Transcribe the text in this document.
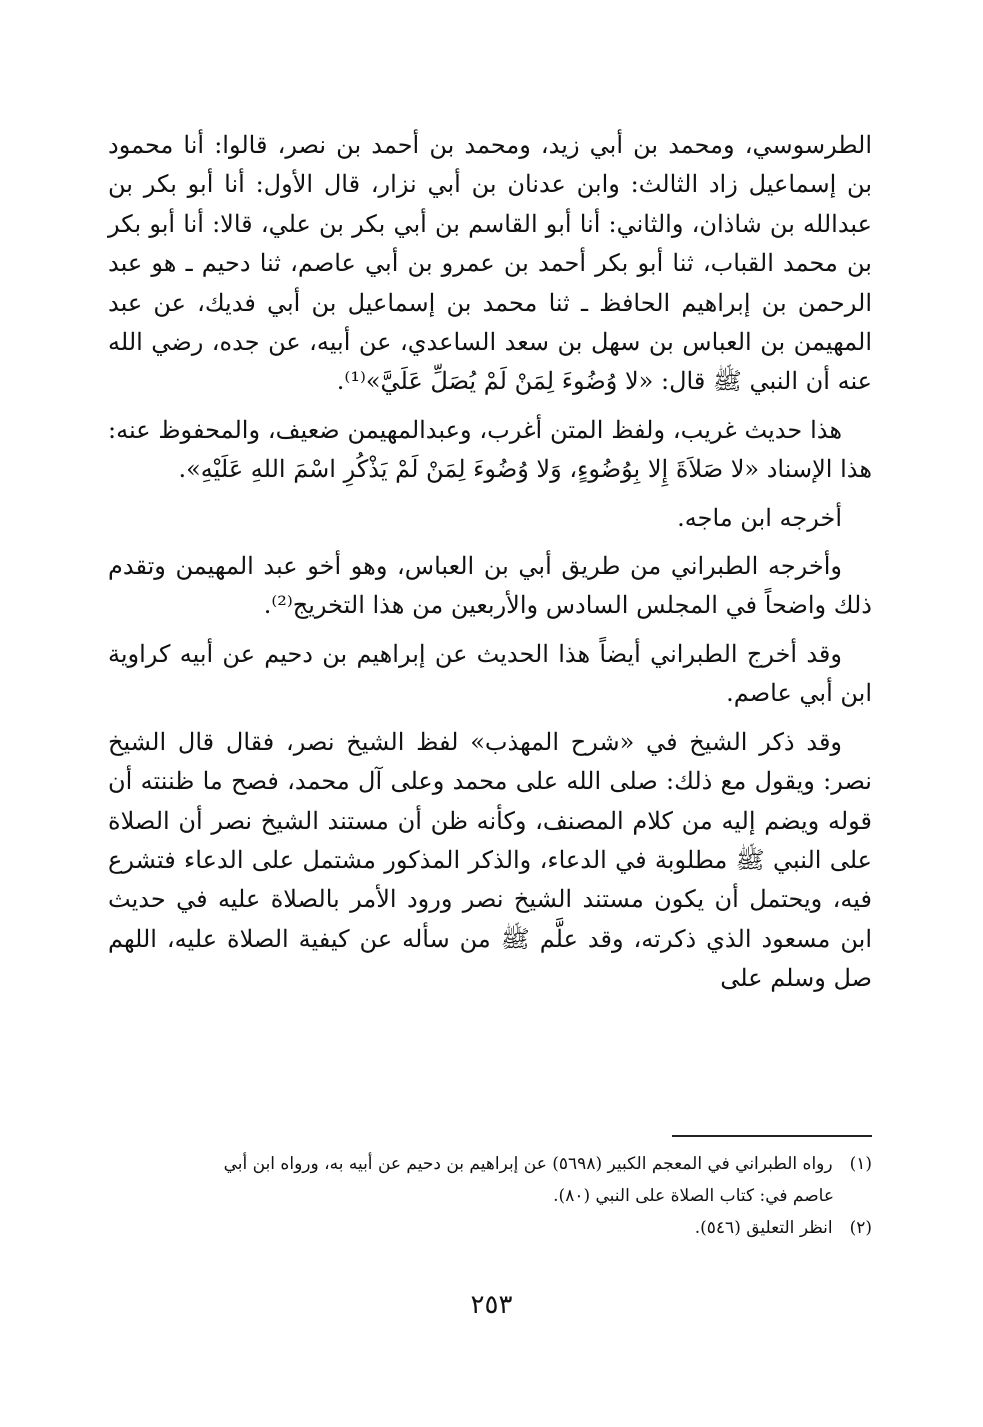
الطرسوسي، ومحمد بن أبي زيد، ومحمد بن أحمد بن نصر، قالوا: أنا محمود بن إسماعيل زاد الثالث: وابن عدنان بن أبي نزار، قال الأول: أنا أبو بكر بن عبدالله بن شاذان، والثاني: أنا أبو القاسم بن أبي بكر بن علي، قالا: أنا أبو بكر بن محمد القباب، ثنا أبو بكر أحمد بن عمرو بن أبي عاصم، ثنا دحيم ـ هو عبد الرحمن بن إبراهيم الحافظ ـ ثنا محمد بن إسماعيل بن أبي فديك، عن عبد المهيمن بن العباس بن سهل بن سعد الساعدي، عن أبيه، عن جده، رضي الله عنه أن النبي ﷺ قال: «لا وُضُوءَ لِمَنْ لَمْ يُصَلِّ عَلَيَّ»⁽¹⁾.

هذا حديث غريب، ولفظ المتن أغرب، وعبدالمهيمن ضعيف، والمحفوظ عنه: هذا الإسناد «لا صَلاَةَ إِلا بِوُضُوءٍ، وَلا وُضُوءَ لِمَنْ لَمْ يَذْكُرِ اسْمَ اللهِ عَلَيْهِ».

أخرجه ابن ماجه.

وأخرجه الطبراني من طريق أبي بن العباس، وهو أخو عبد المهيمن وتقدم ذلك واضحاً في المجلس السادس والأربعين من هذا التخريج⁽²⁾.

وقد أخرج الطبراني أيضاً هذا الحديث عن إبراهيم بن دحيم عن أبيه كراوية ابن أبي عاصم.

وقد ذكر الشيخ في «شرح المهذب» لفظ الشيخ نصر، فقال قال الشيخ نصر: ويقول مع ذلك: صلى الله على محمد وعلى آل محمد، فصح ما ظننته أن قوله ويضم إليه من كلام المصنف، وكأنه ظن أن مستند الشيخ نصر أن الصلاة على النبي ﷺ مطلوبة في الدعاء، والذكر المذكور مشتمل على الدعاء فتشرع فيه، ويحتمل أن يكون مستند الشيخ نصر ورود الأمر بالصلاة عليه في حديث ابن مسعود الذي ذكرته، وقد علَّم ﷺ من سأله عن كيفية الصلاة عليه، اللهم صل وسلم على

(١) رواه الطبراني في المعجم الكبير (٥٦٩٨) عن إبراهيم بن دحيم عن أبيه به، ورواه ابن أبي
عاصم في: كتاب الصلاة على النبي (٨٠).

(٢) انظر التعليق (٥٤٦).

٢٥٣
